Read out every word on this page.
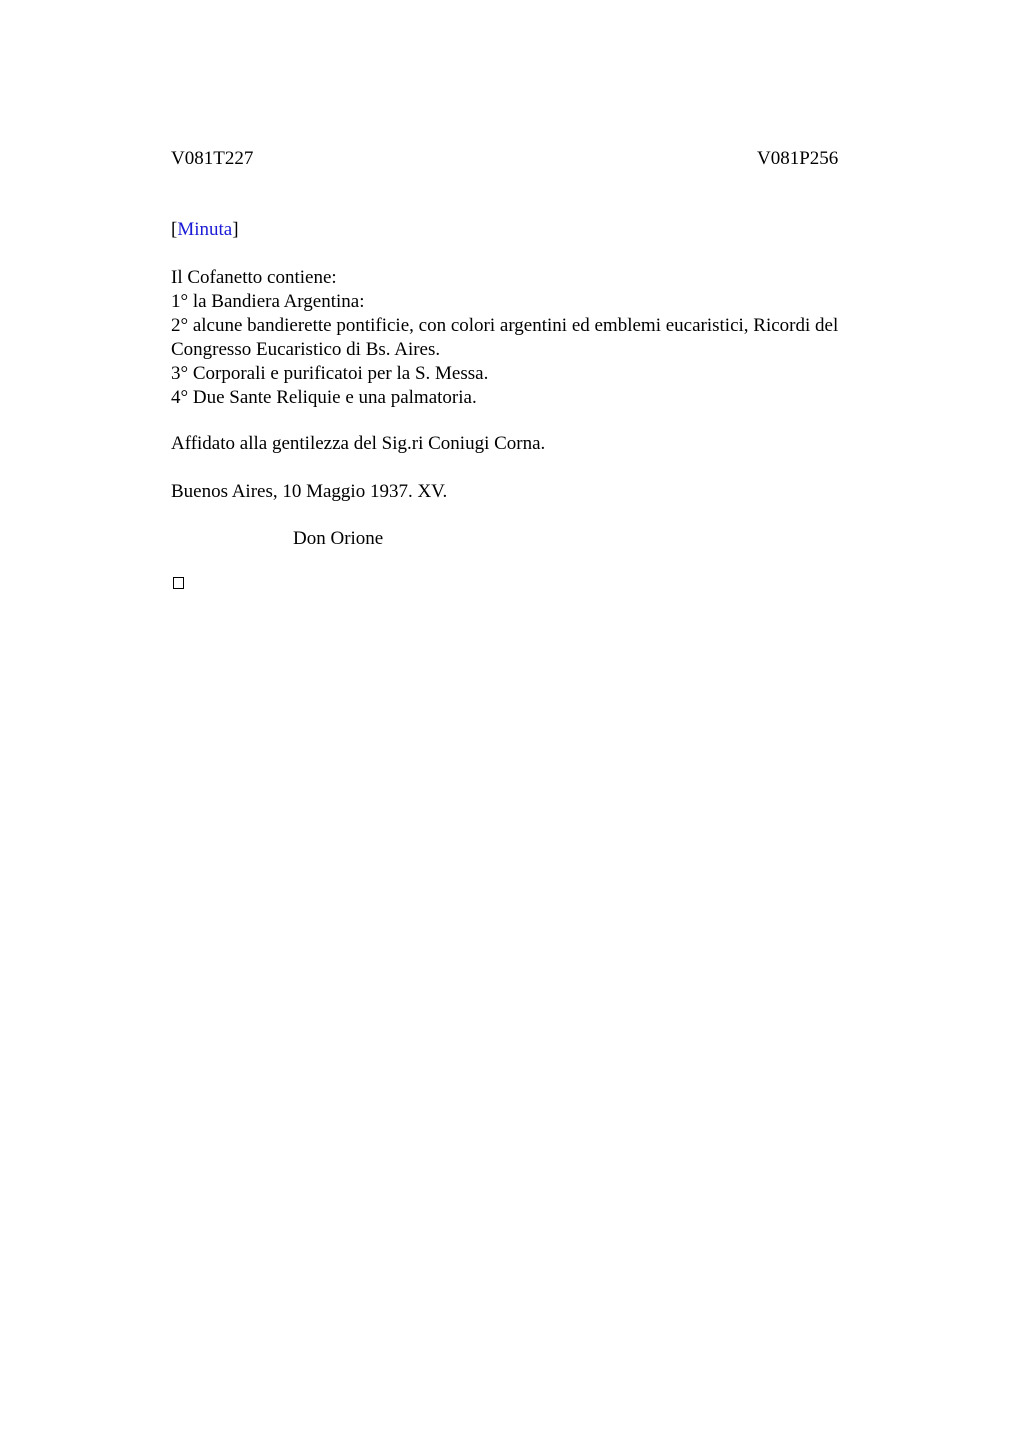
V081T227	V081P256
[Minuta]

Il Cofanetto contiene:

1° la Bandiera Argentina:

2° alcune bandierette pontificie, con colori argentini ed emblemi eucaristici, Ricordi del Congresso Eucaristico di Bs. Aires.

3° Corporali e purificatoi per la S. Messa.

4° Due Sante Reliquie e una palmatoria.

Affidato alla gentilezza del Sig.ri Coniugi Corna.
Buenos Aires, 10 Maggio 1937. XV.
Don Orione
